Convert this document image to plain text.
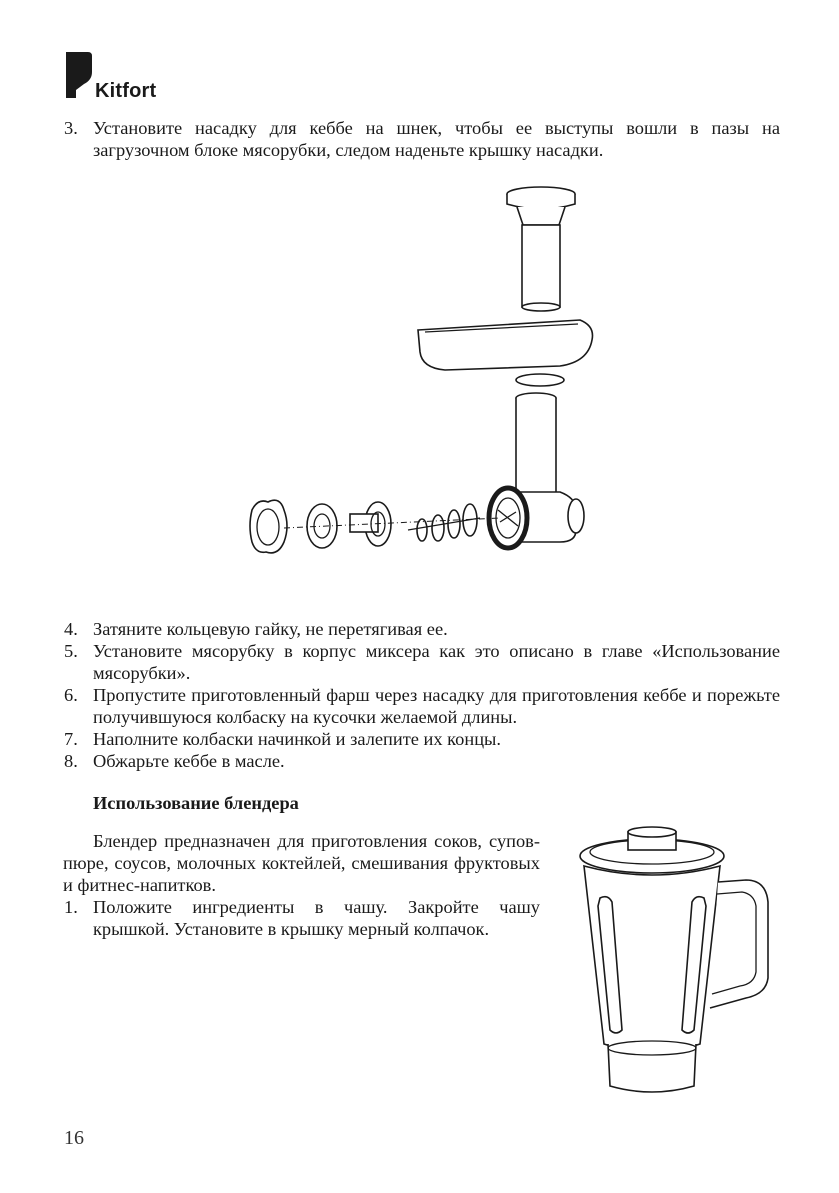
Kitfort
3. Установите насадку для кеббе на шнек, чтобы ее выступы вошли в пазы на загрузочном блоке мясорубки, следом наденьте крышку насадки.
4. Затяните кольцевую гайку, не перетягивая ее.
5. Установите мясорубку в корпус миксера как это описано в главе «Использование мясорубки».
6. Пропустите приготовленный фарш через насадку для приготовления кеббе и порежьте получившуюся колбаску на кусочки желаемой длины.
7. Наполните колбаски начинкой и залепите их концы.
8. Обжарьте кеббе в масле.
Использование блендера

Блендер предназначен для приготовления соков, супов-пюре, соусов, молочных коктейлей, смешивания фруктовых и фитнес-напитков.

1. Положите ингредиенты в чашу. Закройте чашу крышкой. Установите в крышку мерный колпачок.
16
